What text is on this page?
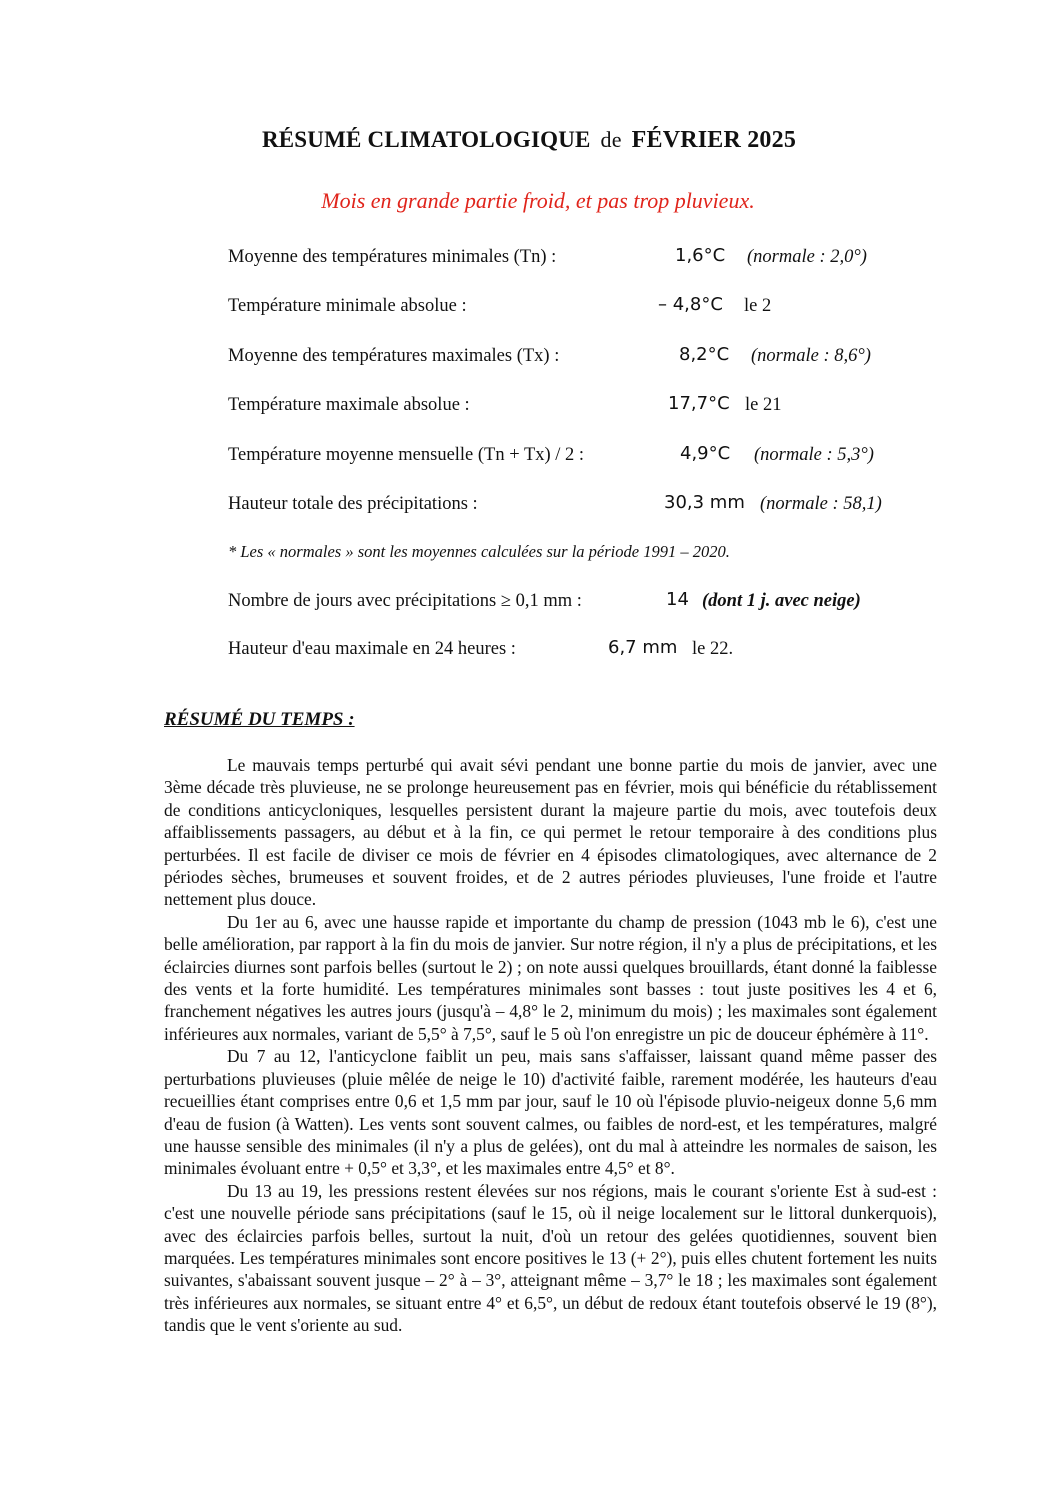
RÉSUMÉ CLIMATOLOGIQUE de FÉVRIER 2025
Mois en grande partie froid, et pas trop pluvieux.
Moyenne des températures minimales (Tn) :	1,6°C (normale : 2,0°)
Température minimale absolue :	– 4,8°C le 2
Moyenne des températures maximales (Tx) :	8,2°C (normale : 8,6°)
Température maximale absolue :	17,7°C le 21
Température moyenne mensuelle (Tn + Tx) / 2 :	4,9°C (normale : 5,3°)
Hauteur totale des précipitations :	30,3 mm (normale : 58,1)
* Les « normales » sont les moyennes calculées sur la période 1991 – 2020.
Nombre de jours avec précipitations ≥ 0,1 mm :	14 (dont 1 j. avec neige)
Hauteur d'eau maximale en 24 heures :	6,7 mm le 22.
RÉSUMÉ DU TEMPS :

Le mauvais temps perturbé qui avait sévi pendant une bonne partie du mois de janvier, avec une 3ème décade très pluvieuse, ne se prolonge heureusement pas en février, mois qui bénéficie du rétablissement de conditions anticycloniques, lesquelles persistent durant la majeure partie du mois, avec toutefois deux affaiblissements passagers, au début et à la fin, ce qui permet le retour temporaire à des conditions plus perturbées. Il est facile de diviser ce mois de février en 4 épisodes climatologiques, avec alternance de 2 périodes sèches, brumeuses et souvent froides, et de 2 autres périodes pluvieuses, l'une froide et l'autre nettement plus douce.

Du 1er au 6, avec une hausse rapide et importante du champ de pression (1043 mb le 6), c'est une belle amélioration, par rapport à la fin du mois de janvier. Sur notre région, il n'y a plus de précipitations, et les éclaircies diurnes sont parfois belles (surtout le 2) ; on note aussi quelques brouillards, étant donné la faiblesse des vents et la forte humidité. Les températures minimales sont basses : tout juste positives les 4 et 6, franchement négatives les autres jours (jusqu'à – 4,8° le 2, minimum du mois) ; les maximales sont également inférieures aux normales, variant de 5,5° à 7,5°, sauf le 5 où l'on enregistre un pic de douceur éphémère à 11°.

Du 7 au 12, l'anticyclone faiblit un peu, mais sans s'affaisser, laissant quand même passer des perturbations pluvieuses (pluie mêlée de neige le 10) d'activité faible, rarement modérée, les hauteurs d'eau recueillies étant comprises entre 0,6 et 1,5 mm par jour, sauf le 10 où l'épisode pluvio-neigeux donne 5,6 mm d'eau de fusion (à Watten). Les vents sont souvent calmes, ou faibles de nord-est, et les températures, malgré une hausse sensible des minimales (il n'y a plus de gelées), ont du mal à atteindre les normales de saison, les minimales évoluant entre + 0,5° et 3,3°, et les maximales entre 4,5° et 8°.

Du 13 au 19, les pressions restent élevées sur nos régions, mais le courant s'oriente Est à sud-est : c'est une nouvelle période sans précipitations (sauf le 15, où il neige localement sur le littoral dunkerquois), avec des éclaircies parfois belles, surtout la nuit, d'où un retour des gelées quotidiennes, souvent bien marquées. Les températures minimales sont encore positives le 13 (+ 2°), puis elles chutent fortement les nuits suivantes, s'abaissant souvent jusque – 2° à – 3°, atteignant même – 3,7° le 18 ; les maximales sont également très inférieures aux normales, se situant entre 4° et 6,5°, un début de redoux étant toutefois observé le 19 (8°), tandis que le vent s'oriente au sud.
